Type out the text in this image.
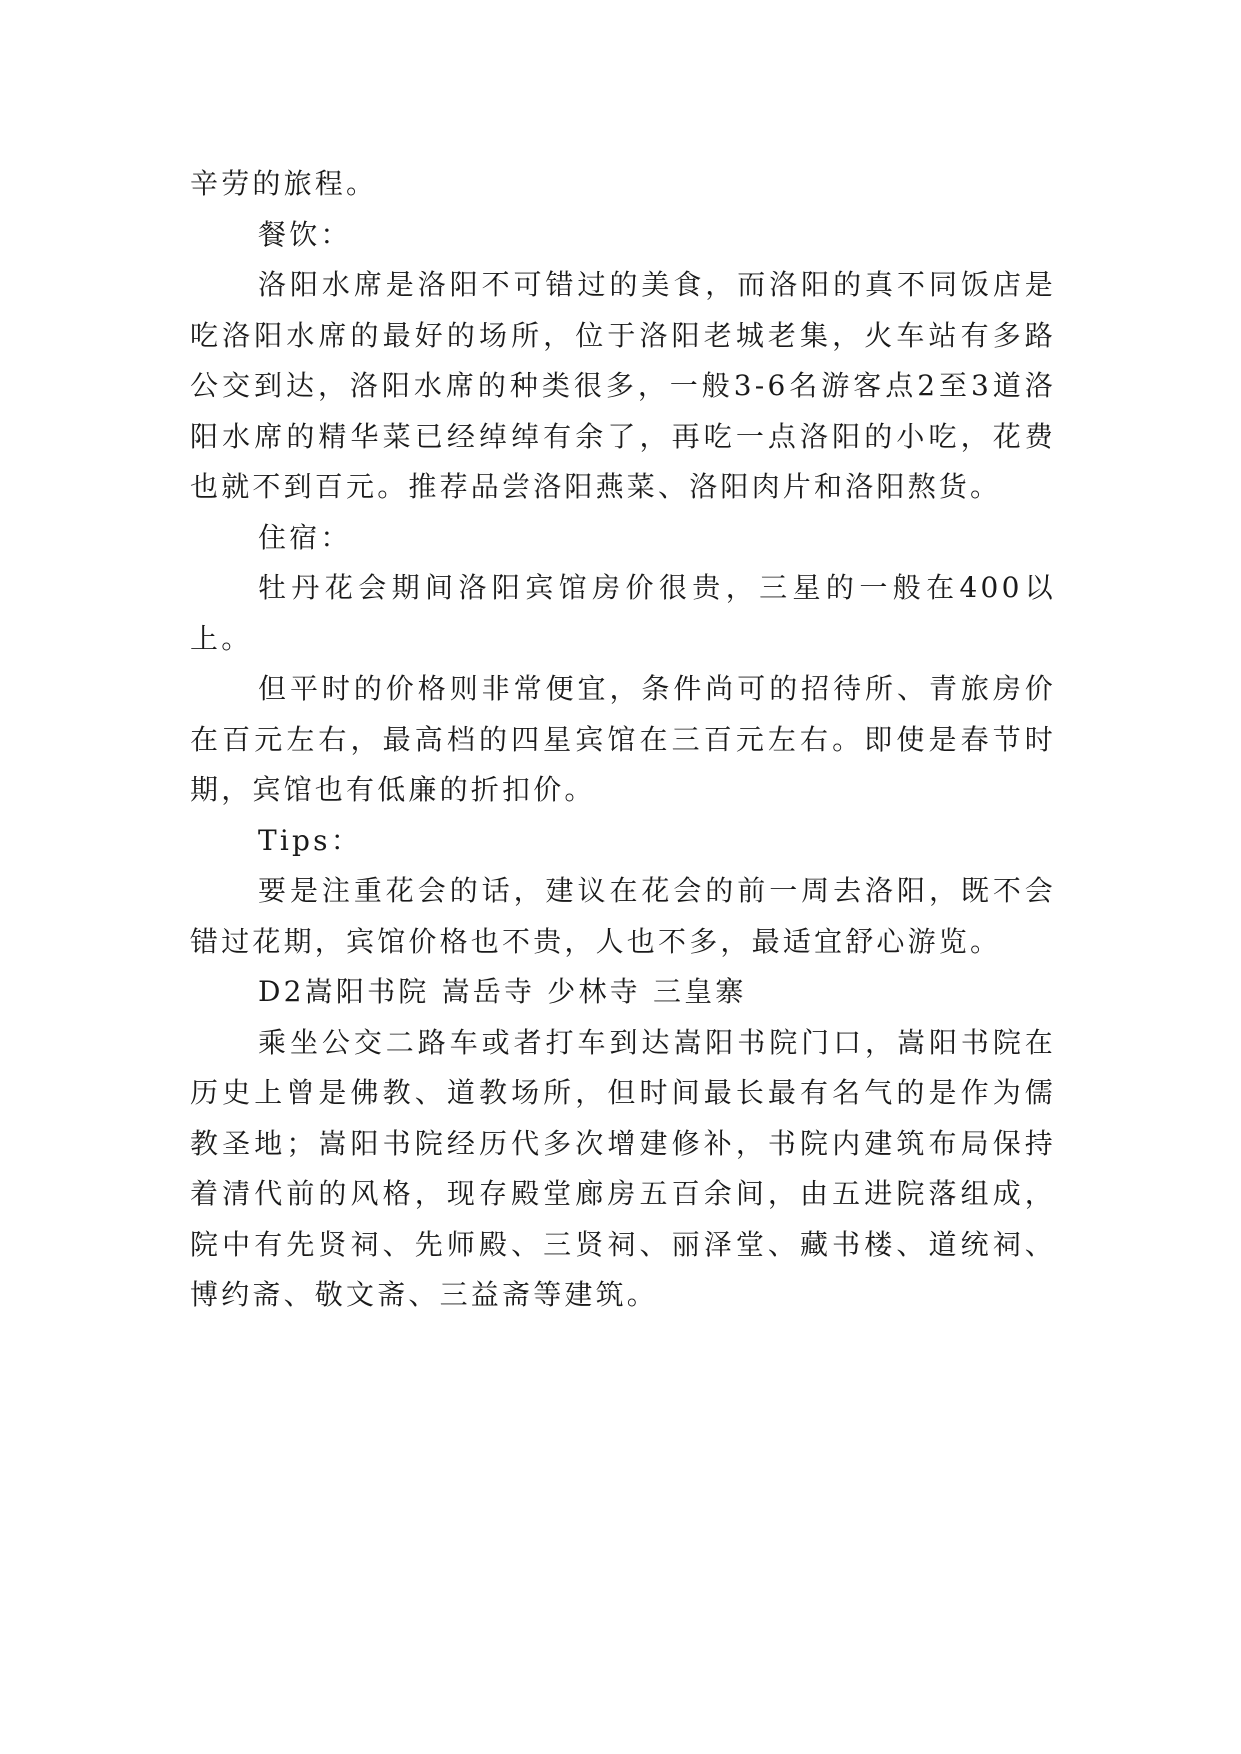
辛劳的旅程。

餐饮：

洛阳水席是洛阳不可错过的美食，而洛阳的真不同饭店是吃洛阳水席的最好的场所，位于洛阳老城老集，火车站有多路公交到达，洛阳水席的种类很多，一般3-6名游客点2至3道洛阳水席的精华菜已经绰绰有余了，再吃一点洛阳的小吃，花费也就不到百元。推荐品尝洛阳燕菜、洛阳肉片和洛阳熬货。

住宿：

牡丹花会期间洛阳宾馆房价很贵，三星的一般在400以上。

但平时的价格则非常便宜，条件尚可的招待所、青旅房价在百元左右，最高档的四星宾馆在三百元左右。即使是春节时期，宾馆也有低廉的折扣价。

Tips：

要是注重花会的话，建议在花会的前一周去洛阳，既不会错过花期，宾馆价格也不贵，人也不多，最适宜舒心游览。

D2嵩阳书院 嵩岳寺 少林寺 三皇寨

乘坐公交二路车或者打车到达嵩阳书院门口，嵩阳书院在历史上曾是佛教、道教场所，但时间最长最有名气的是作为儒教圣地；嵩阳书院经历代多次增建修补，书院内建筑布局保持着清代前的风格，现存殿堂廊房五百余间，由五进院落组成，院中有先贤祠、先师殿、三贤祠、丽泽堂、藏书楼、道统祠、博约斋、敬文斋、三益斋等建筑。
